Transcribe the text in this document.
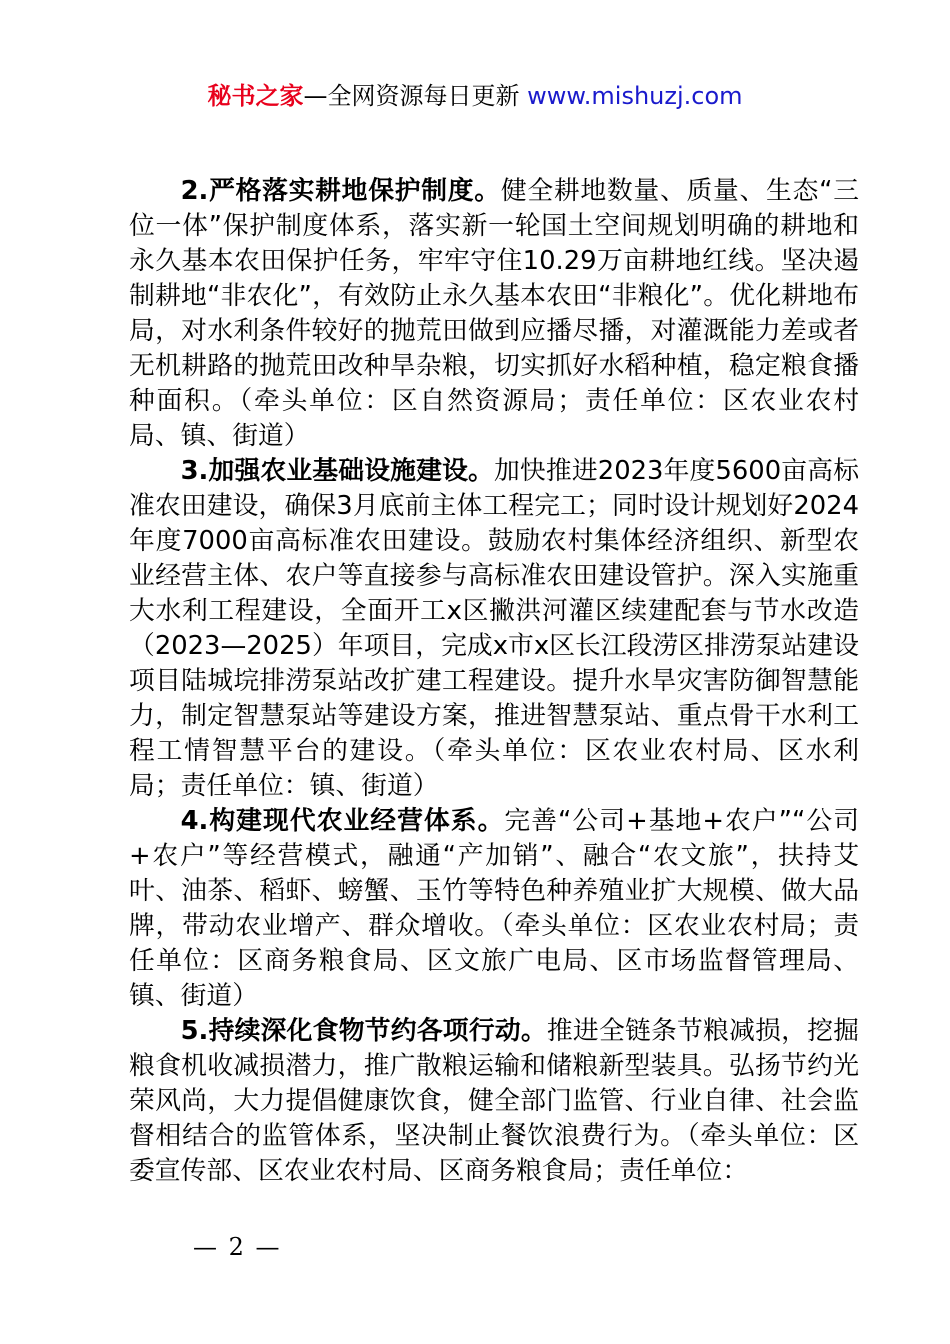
秘书之家—全网资源每日更新 www.mishuzj.com

2.严格落实耕地保护制度。健全耕地数量、质量、生态“三位一体”保护制度体系，落实新一轮国土空间规划明确的耕地和永久基本农田保护任务，牢牢守住10.29万亩耕地红线。坚决遏制耕地“非农化”，有效防止永久基本农田“非粮化”。优化耕地布局，对水利条件较好的抛荒田做到应播尽播，对灌溉能力差或者无机耕路的抛荒田改种旱杂粮，切实抓好水稻种植，稳定粮食播种面积。（牵头单位：区自然资源局；责任单位：区农业农村局、镇、街道）

3.加强农业基础设施建设。加快推进2023年度5600亩高标准农田建设，确保3月底前主体工程完工；同时设计规划好2024年度7000亩高标准农田建设。鼓励农村集体经济组织、新型农业经营主体、农户等直接参与高标准农田建设管护。深入实施重大水利工程建设，全面开工x区撇洪河灌区续建配套与节水改造（2023—2025）年项目，完成x市x区长江段涝区排涝泵站建设项目陆城垸排涝泵站改扩建工程建设。提升水旱灾害防御智慧能力，制定智慧泵站等建设方案，推进智慧泵站、重点骨干水利工程工情智慧平台的建设。（牵头单位：区农业农村局、区水利局；责任单位：镇、街道）

4.构建现代农业经营体系。完善“公司+基地+农户”“公司+农户”等经营模式，融通“产加销”、融合“农文旅”，扶持艾叶、油茶、稻虾、螃蟹、玉竹等特色种养殖业扩大规模、做大品牌，带动农业增产、群众增收。（牵头单位：区农业农村局；责任单位：区商务粮食局、区文旅广电局、区市场监督管理局、镇、街道）

5.持续深化食物节约各项行动。推进全链条节粮减损，挖掘粮食机收减损潜力，推广散粮运输和储粮新型装具。弘扬节约光荣风尚，大力提倡健康饮食，健全部门监管、行业自律、社会监督相结合的监管体系，坚决制止餐饮浪费行为。（牵头单位：区委宣传部、区农业农村局、区商务粮食局；责任单位：

— 2 —
